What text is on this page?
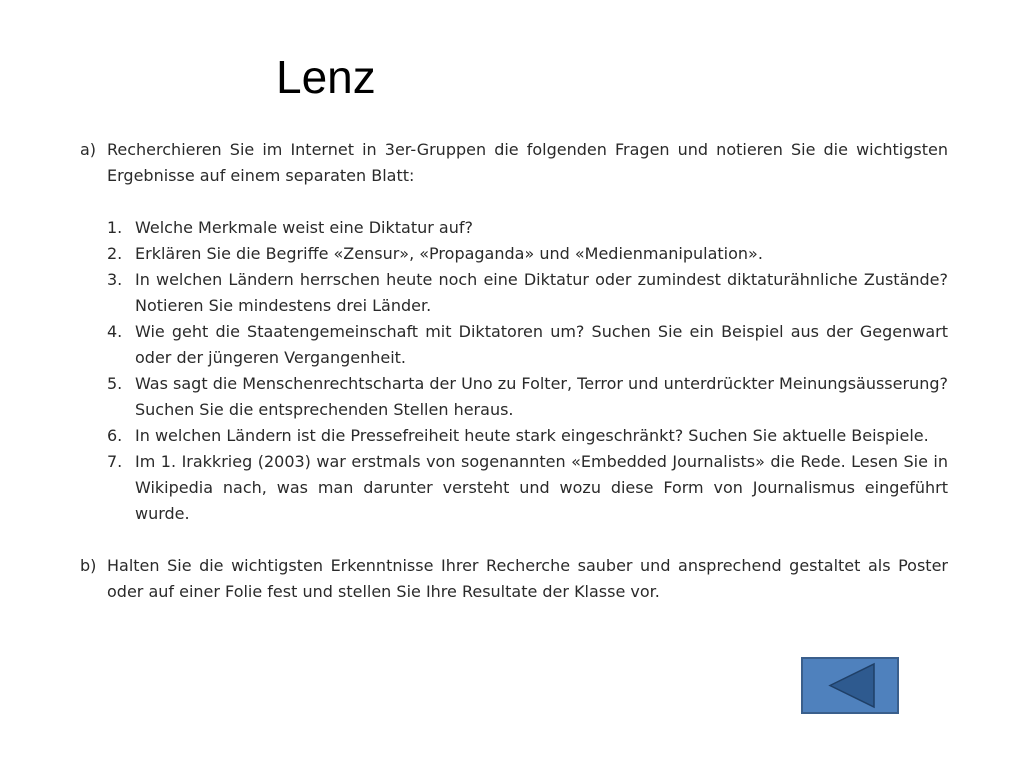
Lenz
a) Recherchieren Sie im Internet in 3er-Gruppen die folgenden Fragen und notieren Sie die wichtigsten Ergebnisse auf einem separaten Blatt:
1. Welche Merkmale weist eine Diktatur auf?
2. Erklären Sie die Begriffe «Zensur», «Propaganda» und «Medienmanipulation».
3. In welchen Ländern herrschen heute noch eine Diktatur oder zumindest diktaturähnliche Zustände? Notieren Sie mindestens drei Länder.
4. Wie geht die Staatengemeinschaft mit Diktatoren um? Suchen Sie ein Beispiel aus der Gegenwart oder der jüngeren Vergangenheit.
5. Was sagt die Menschenrechtscharta der Uno zu Folter, Terror und unterdrückter Meinungsäusserung? Suchen Sie die entsprechenden Stellen heraus.
6. In welchen Ländern ist die Pressefreiheit heute stark eingeschränkt? Suchen Sie aktuelle Beispiele.
7. Im 1. Irakkrieg (2003) war erstmals von sogenannten «Embedded Journalists» die Rede. Lesen Sie in Wikipedia nach, was man darunter versteht und wozu diese Form von Journalismus eingeführt wurde.
b) Halten Sie die wichtigsten Erkenntnisse Ihrer Recherche sauber und ansprechend gestaltet als Poster oder auf einer Folie fest und stellen Sie Ihre Resultate der Klasse vor.
